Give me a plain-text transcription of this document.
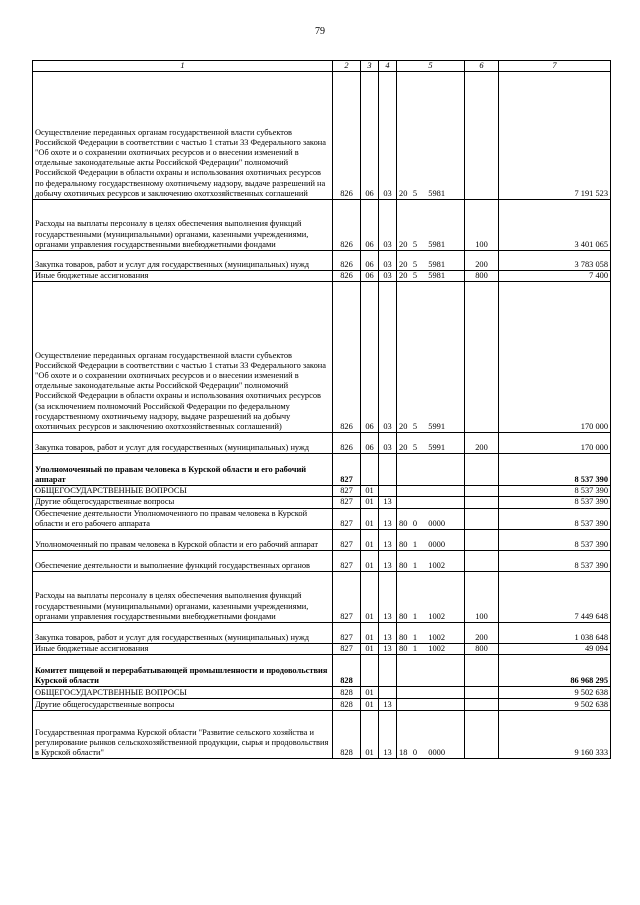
79
1	2	3	4	5	6	7
Осуществление переданных органам государственной власти субъектов Российской Федерации в соответствии с частью 1 статьи 33 Федерального закона "Об охоте и о сохранении охотничьих ресурсов и о внесении изменений в отдельные законодательные акты Российской Федерации" полномочий Российской Федерации в области охраны и использования охотничьих ресурсов по федеральному государственному охотничьему надзору, выдаче разрешений на добычу охотничьих ресурсов и заключению охотхозяйственных соглашений	826	06	03	20 5 5981		7 191 523
Расходы на выплаты персоналу в целях обеспечения выполнения функций государственными (муниципальными) органами, казенными учреждениями, органами управления государственными внебюджетными фондами	826	06	03	20 5 5981	100	3 401 065
Закупка товаров, работ и услуг для государственных (муниципальных) нужд	826	06	03	20 5 5981	200	3 783 058
Иные бюджетные ассигнования	826	06	03	20 5 5981	800	7 400
Осуществление переданных органам государственной власти субъектов Российской Федерации в соответствии с частью 1 статьи 33 Федерального закона "Об охоте и о сохранении охотничьих ресурсов и о внесении изменений в отдельные законодательные акты Российской Федерации" полномочий Российской Федерации в области охраны и использования охотничьих ресурсов (за исключением полномочий Российской Федерации по федеральному государственному охотничьему надзору, выдаче разрешений на добычу охотничьих ресурсов и заключению охотхозяйственных соглашений)	826	06	03	20 5 5991		170 000
Закупка товаров, работ и услуг для государственных (муниципальных) нужд	826	06	03	20 5 5991	200	170 000
Уполномоченный по правам человека в Курской области и его рабочий аппарат	827					8 537 390
ОБЩЕГОСУДАРСТВЕННЫЕ ВОПРОСЫ	827	01				8 537 390
Другие общегосударственные вопросы	827	01	13			8 537 390
Обеспечение деятельности Уполномоченного по правам человека в Курской области и его рабочего аппарата	827	01	13	80 0 0000		8 537 390
Уполномоченный по правам человека в Курской области и его рабочий аппарат	827	01	13	80 1 0000		8 537 390
Обеспечение деятельности и выполнение функций государственных органов	827	01	13	80 1 1002		8 537 390
Расходы на выплаты персоналу в целях обеспечения выполнения функций государственными (муниципальными) органами, казенными учреждениями, органами управления государственными внебюджетными фондами	827	01	13	80 1 1002	100	7 449 648
Закупка товаров, работ и услуг для государственных (муниципальных) нужд	827	01	13	80 1 1002	200	1 038 648
Иные бюджетные ассигнования	827	01	13	80 1 1002	800	49 094
Комитет пищевой и перерабатывающей промышленности и продовольствия Курской области	828					86 968 295
ОБЩЕГОСУДАРСТВЕННЫЕ ВОПРОСЫ	828	01				9 502 638
Другие общегосударственные вопросы	828	01	13			9 502 638
Государственная программа Курской области "Развитие сельского хозяйства и регулирование рынков сельскохозяйственной продукции, сырья и продовольствия в Курской области"	828	01	13	18 0 0000		9 160 333
